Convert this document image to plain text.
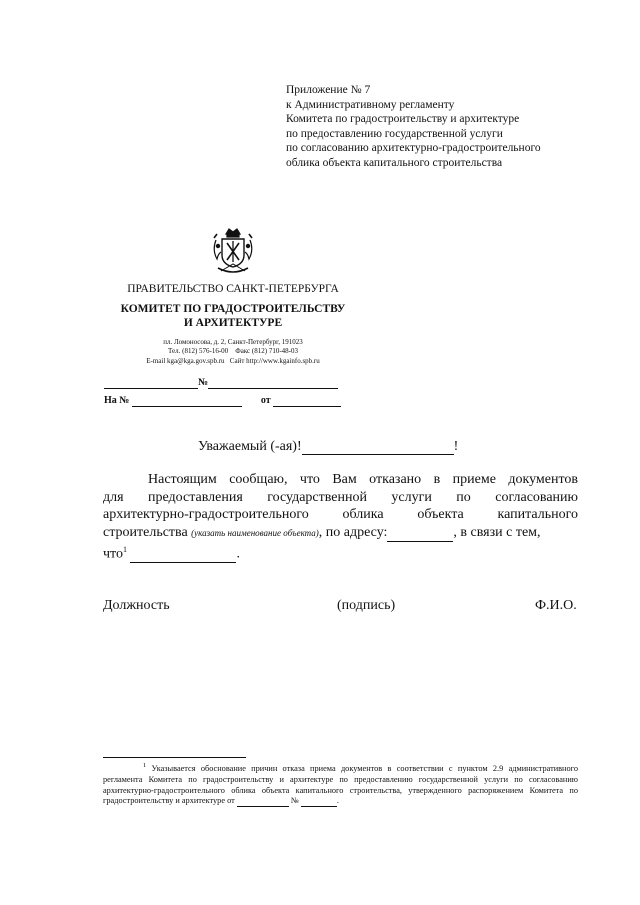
Приложение № 7
к Административному регламенту
Комитета по градостроительству и архитектуре
по предоставлению государственной услуги
по согласованию архитектурно-градостроительного
облика объекта капитального строительства
ПРАВИТЕЛЬСТВО САНКТ-ПЕТЕРБУРГА
КОМИТЕТ ПО ГРАДОСТРОИТЕЛЬСТВУ
И АРХИТЕКТУРЕ
пл. Ломоносова, д. 2, Санкт-Петербург, 191023
Тел. (812) 576-16-00 Факс (812) 710-48-03
E-mail kga@kga.gov.spb.ru Сайт http://www.kgainfo.spb.ru
№
На №	от
Уважаемый (-ая)!	!
Настоящим сообщаю, что Вам отказано в приеме документов
для предоставления государственной услуги по согласованию
архитектурно-градостроительного облика объекта капитального
строительства (указать наименование объекта), по адресу:	, в связи с тем,
что$^1$	.
Должность	(подпись)	Ф.И.О.
$^1$ Указывается обоснование причин отказа приема документов в соответствии с пунктом 2.9 административного регламента Комитета по градостроительству и архитектуре по предоставлению государственной услуги по согласованию архитектурно-градостроительного облика объекта капитального строительства, утвержденного распоряжением Комитета по градостроительству и архитектуре от	№	.
